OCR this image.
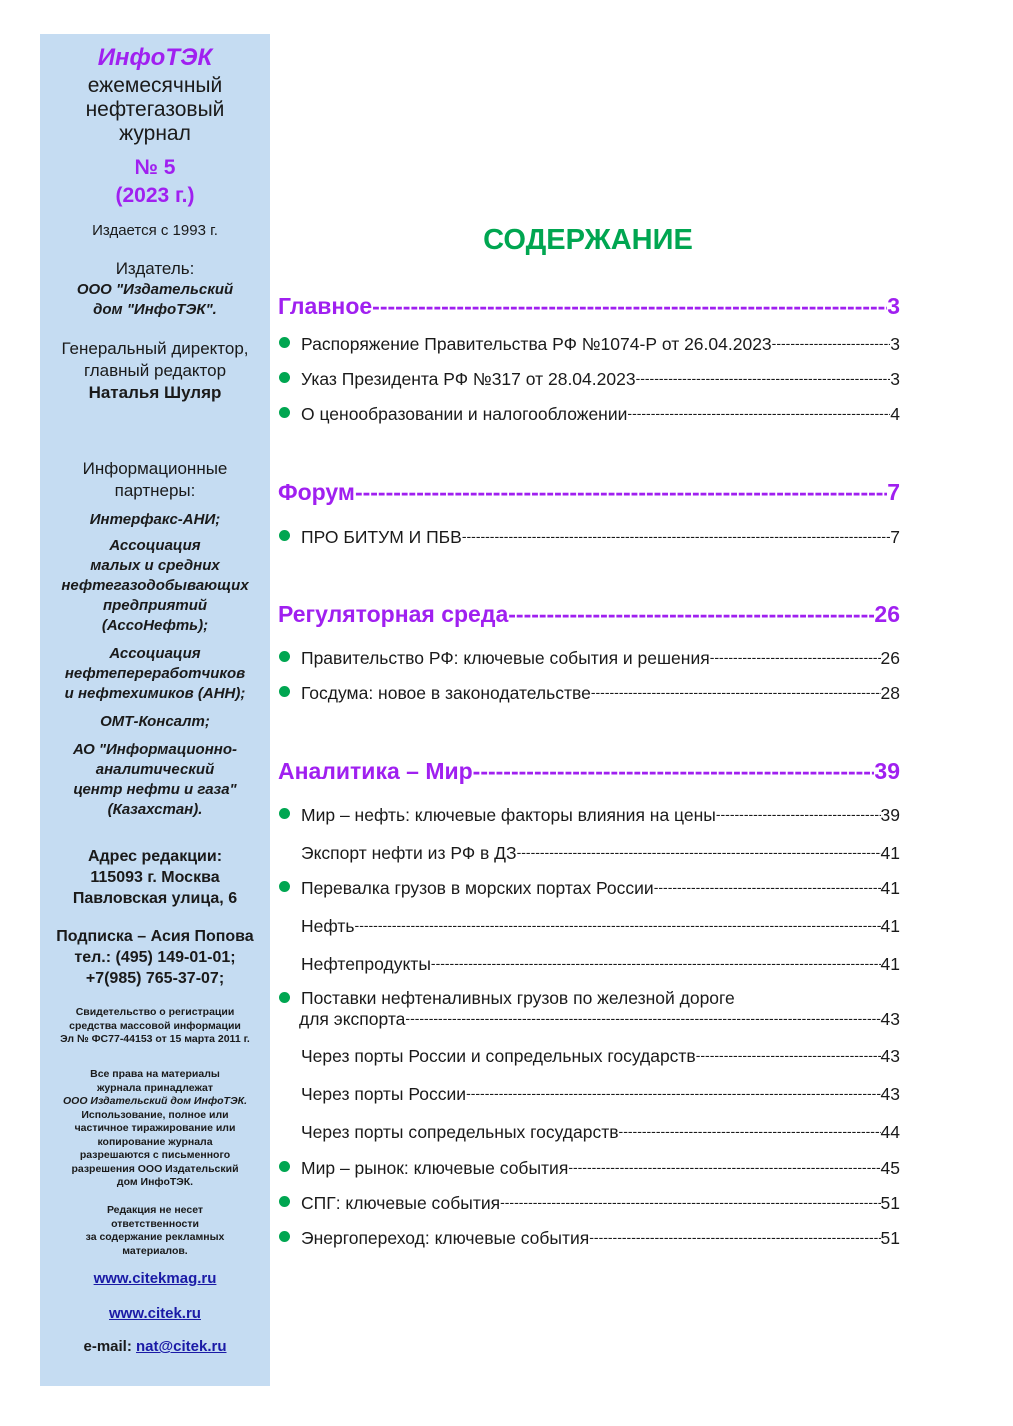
ИнфоТЭК
ежемесячный
нефтегазовый
журнал
№ 5
(2023 г.)
Издается с 1993 г.
Издатель:
ООО "Издательский
дом "ИнфоТЭК".
Генеральный директор,
главный редактор
Наталья Шуляр
Информационные
партнеры:
Интерфакс-АНИ;
Ассоциация
малых и средних
нефтегазодобывающих
предприятий
(АссоНефть);
Ассоциация
нефтепереработчиков
и нефтехимиков (АНН);
ОМТ-Консалт;
АО "Информационно-
аналитический
центр нефти и газа"
(Казахстан).
Адрес редакции:
115093 г. Москва
Павловская улица, 6
Подписка – Асия Попова
тел.: (495) 149-01-01;
+7(985) 765-37-07;
Свидетельство о регистрации
средства массовой информации
Эл № ФС77-44153 от 15 марта 2011 г.
Все права на материалы
журнала принадлежат
ООО Издательский дом ИнфоТЭК.
Использование, полное или
частичное тиражирование или
копирование журнала
разрешаются с письменного
разрешения ООО Издательский
дом ИнфоТЭК.
Редакция не несет
ответственности
за содержание рекламных
материалов.
www.citekmag.ru
www.citek.ru
e-mail: nat@citek.ru
СОДЕРЖАНИЕ
Главное -----	3
Распоряжение Правительства РФ №1074-Р от 26.04.2023 -----	3
Указ Президента РФ №317 от 28.04.2023 -----	3
О ценообразовании и налогообложении -----	4
Форум -----	7
ПРО БИТУМ И ПБВ -----	7
Регуляторная среда -----	26
Правительство РФ: ключевые события и решения -----	26
Госдума: новое в законодательстве -----	28
Аналитика – Мир -----	39
Мир – нефть: ключевые факторы влияния на цены -----	39
Экспорт нефти из РФ в ДЗ -----	41
Перевалка грузов в морских портах России -----	41
Нефть -----	41
Нефтепродукты -----	41
Поставки нефтеналивных грузов по железной дороге
для экспорта -----	43
Через порты России и сопредельных государств -----	43
Через порты России -----	43
Через порты сопредельных государств -----	44
Мир – рынок: ключевые события -----	45
СПГ: ключевые события -----	51
Энергопереход: ключевые события -----	51
